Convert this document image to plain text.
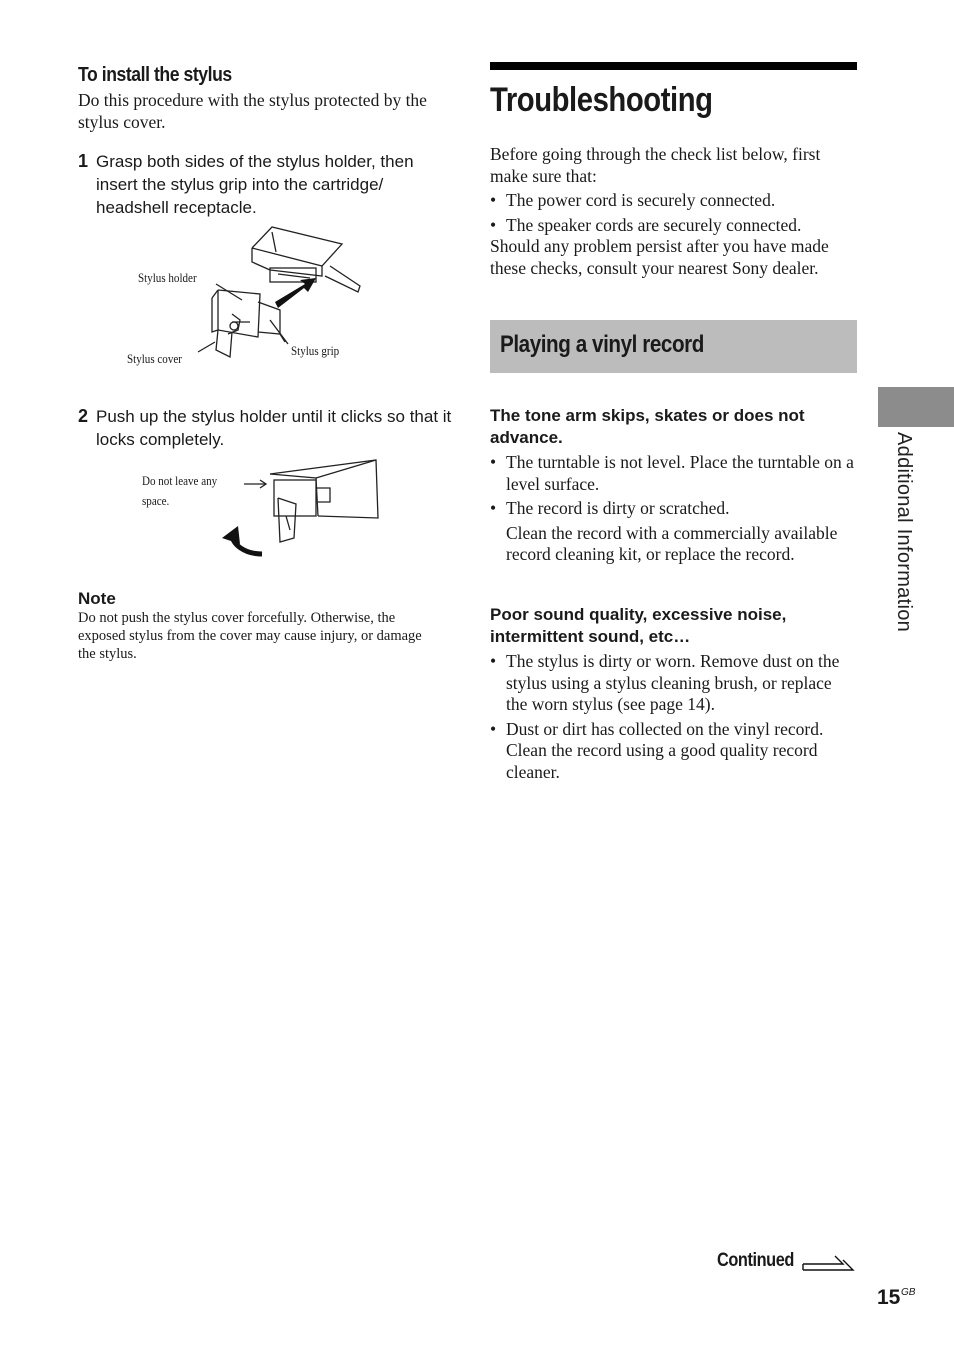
To install the stylus

Do this procedure with the stylus protected by the stylus cover.

1 Grasp both sides of the stylus holder, then insert the stylus grip into the cartridge/ headshell receptacle.
Stylus holder
Stylus cover
Stylus grip
2 Push up the stylus holder until it clicks so that it locks completely.
Do not leave any
space.
Note
Do not push the stylus cover forcefully. Otherwise, the exposed stylus from the cover may cause injury, or damage the stylus.
Troubleshooting

Before going through the check list below, first make sure that:

• The power cord is securely connected.
• The speaker cords are securely connected.

Should any problem persist after you have made these checks, consult your nearest Sony dealer.

Playing a vinyl record
The tone arm skips, skates or does not advance.
• The turntable is not level. Place the turntable on a level surface.
• The record is dirty or scratched.
Clean the record with a commercially available record cleaning kit, or replace the record.
Poor sound quality, excessive noise, intermittent sound, etc…
• The stylus is dirty or worn. Remove dust on the stylus using a stylus cleaning brush, or replace the worn stylus (see page 14).
• Dust or dirt has collected on the vinyl record. Clean the record using a good quality record cleaner.
Additional Information
Continued
15 GB
